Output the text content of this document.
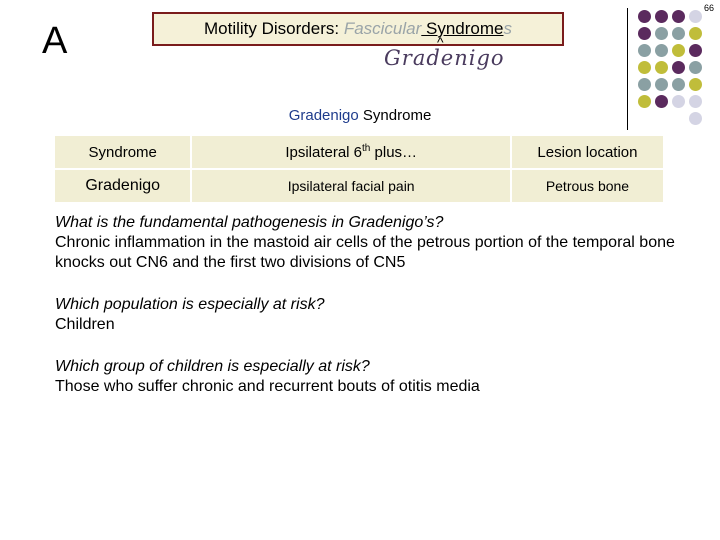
66
A	Motility Disorders: Fascicular Syndromes
^
Gradenigo
Gradenigo Syndrome
Syndrome	Ipsilateral 6th plus…	Lesion location
Gradenigo	Ipsilateral facial pain	Petrous bone
What is the fundamental pathogenesis in Gradenigo’s?
Chronic inflammation in the mastoid air cells of the petrous portion of the temporal bone knocks out CN6 and the first two divisions of CN5
Which population is especially at risk?
Children
Which group of children is especially at risk?
Those who suffer chronic and recurrent bouts of otitis media
